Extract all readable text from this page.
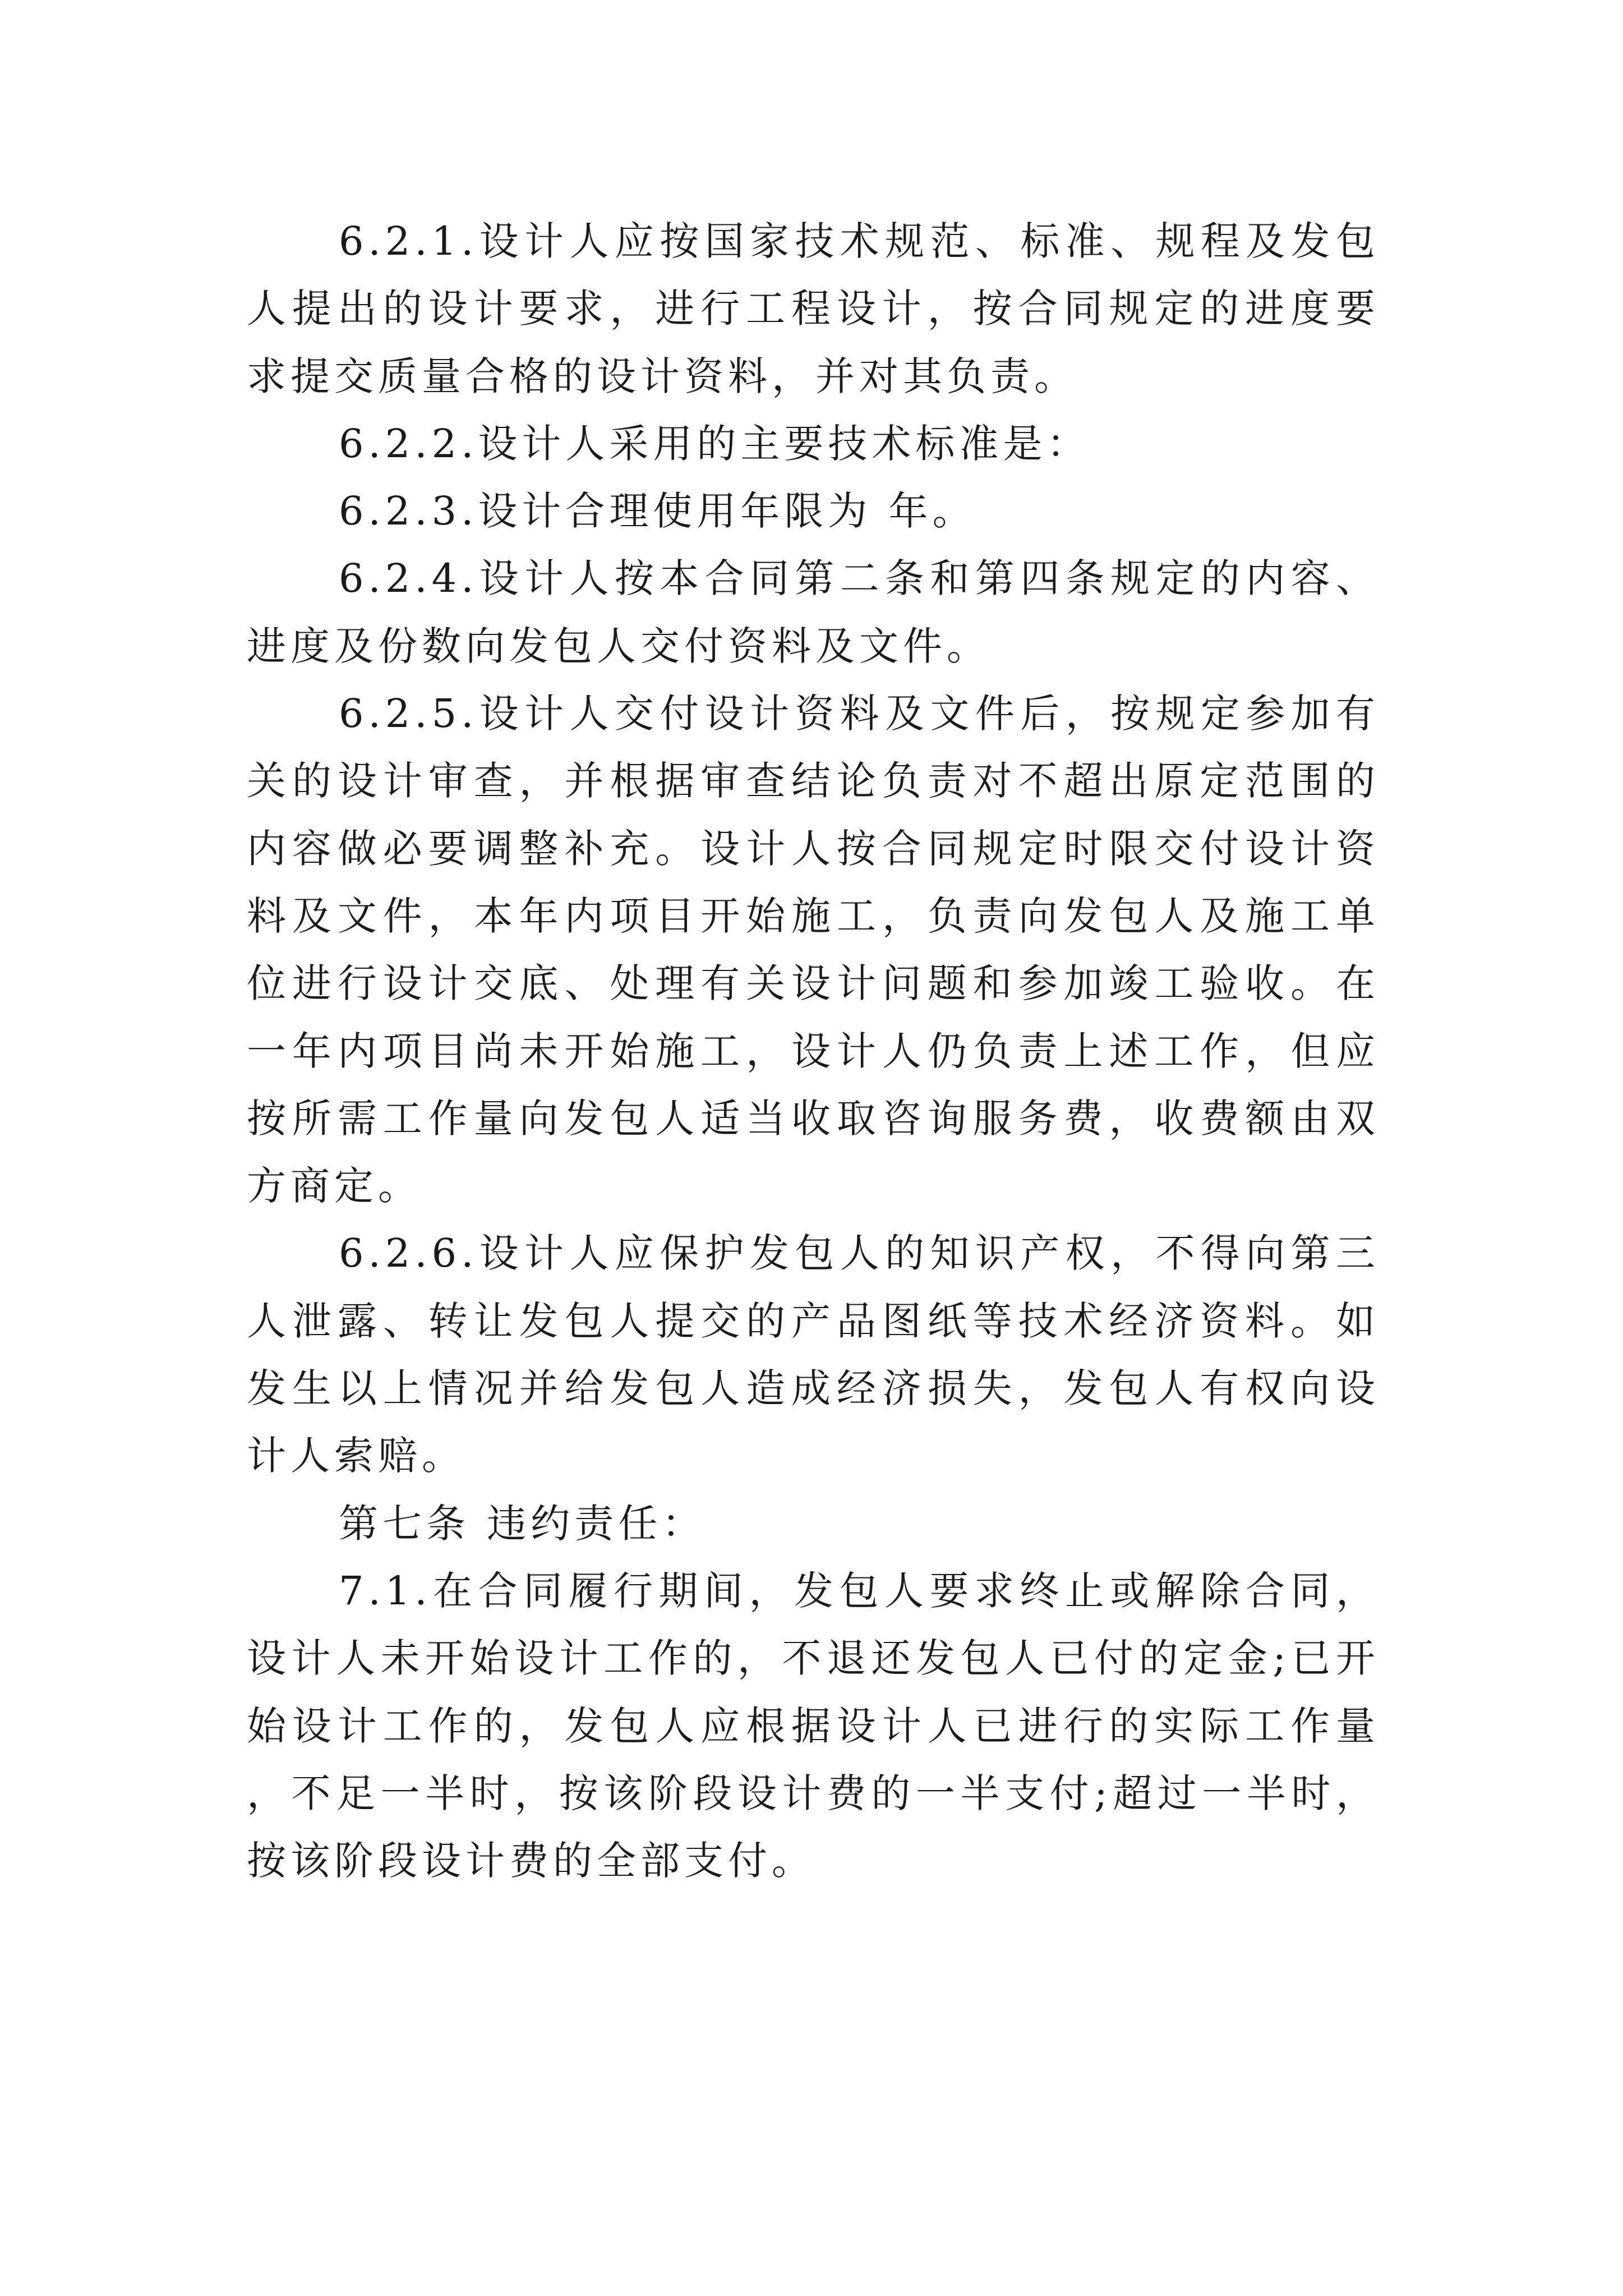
6.2.1.设计人应按国家技术规范、标准、规程及发包人提出的设计要求，进行工程设计，按合同规定的进度要求提交质量合格的设计资料，并对其负责。

6.2.2.设计人采用的主要技术标准是：

6.2.3.设计合理使用年限为 年。

6.2.4.设计人按本合同第二条和第四条规定的内容、进度及份数向发包人交付资料及文件。

6.2.5.设计人交付设计资料及文件后，按规定参加有关的设计审查，并根据审查结论负责对不超出原定范围的内容做必要调整补充。设计人按合同规定时限交付设计资料及文件，本年内项目开始施工，负责向发包人及施工单位进行设计交底、处理有关设计问题和参加竣工验收。在一年内项目尚未开始施工，设计人仍负责上述工作，但应按所需工作量向发包人适当收取咨询服务费，收费额由双方商定。

6.2.6.设计人应保护发包人的知识产权，不得向第三人泄露、转让发包人提交的产品图纸等技术经济资料。如发生以上情况并给发包人造成经济损失，发包人有权向设计人索赔。

第七条 违约责任：

7.1.在合同履行期间，发包人要求终止或解除合同，设计人未开始设计工作的，不退还发包人已付的定金;已开始设计工作的，发包人应根据设计人已进行的实际工作量，不足一半时，按该阶段设计费的一半支付;超过一半时，按该阶段设计费的全部支付。
